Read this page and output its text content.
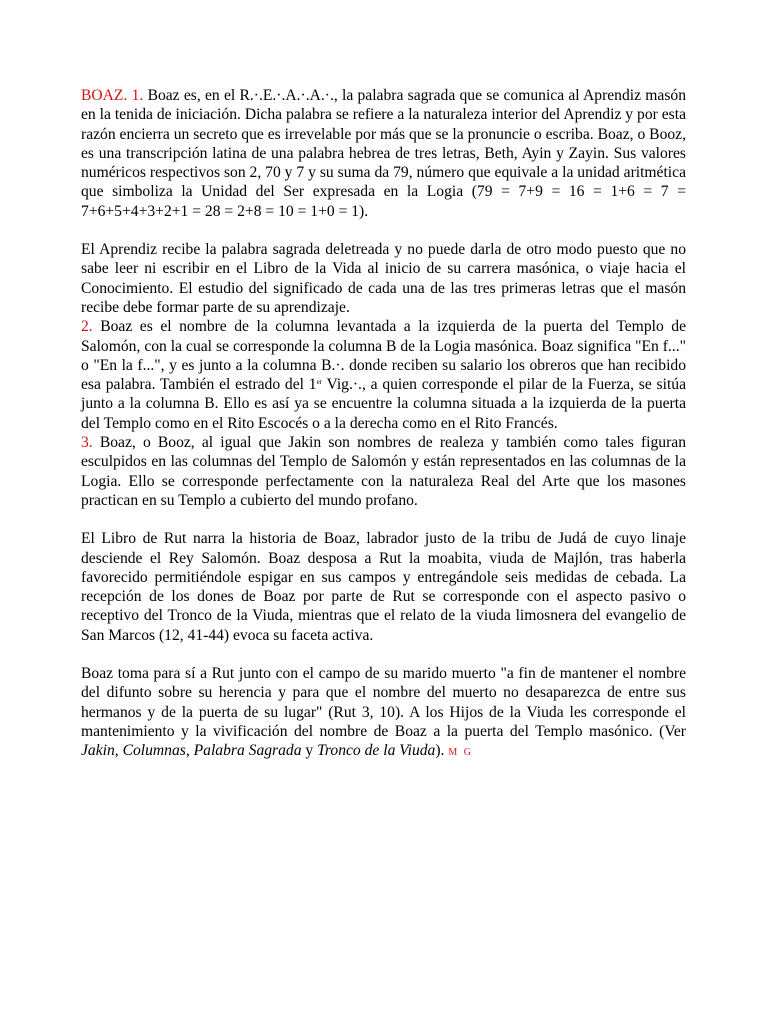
BOAZ. 1. Boaz es, en el R.·.E.·.A.·.A.·., la palabra sagrada que se comunica al Aprendiz masón en la tenida de iniciación. Dicha palabra se refiere a la naturaleza interior del Aprendiz y por esta razón encierra un secreto que es irrevelable por más que se la pronuncie o escriba. Boaz, o Booz, es una transcripción latina de una palabra hebrea de tres letras, Beth, Ayin y Zayin. Sus valores numéricos respectivos son 2, 70 y 7 y su suma da 79, número que equivale a la unidad aritmética que simboliza la Unidad del Ser expresada en la Logia (79 = 7+9 = 16 = 1+6 = 7 = 7+6+5+4+3+2+1 = 28 = 2+8 = 10 = 1+0 = 1).

El Aprendiz recibe la palabra sagrada deletreada y no puede darla de otro modo puesto que no sabe leer ni escribir en el Libro de la Vida al inicio de su carrera masónica, o viaje hacia el Conocimiento. El estudio del significado de cada una de las tres primeras letras que el masón recibe debe formar parte de su aprendizaje.

2. Boaz es el nombre de la columna levantada a la izquierda de la puerta del Templo de Salomón, con la cual se corresponde la columna B de la Logia masónica. Boaz significa "En f..." o "En la f...", y es junto a la columna B.·. donde reciben su salario los obreros que han recibido esa palabra. También el estrado del 1er Vig.·., a quien corresponde el pilar de la Fuerza, se sitúa junto a la columna B. Ello es así ya se encuentre la columna situada a la izquierda de la puerta del Templo como en el Rito Escocés o a la derecha como en el Rito Francés.

3. Boaz, o Booz, al igual que Jakin son nombres de realeza y también como tales figuran esculpidos en las columnas del Templo de Salomón y están representados en las columnas de la Logia. Ello se corresponde perfectamente con la naturaleza Real del Arte que los masones practican en su Templo a cubierto del mundo profano.

El Libro de Rut narra la historia de Boaz, labrador justo de la tribu de Judá de cuyo linaje desciende el Rey Salomón. Boaz desposa a Rut la moabita, viuda de Majlón, tras haberla favorecido permitiéndole espigar en sus campos y entregándole seis medidas de cebada. La recepción de los dones de Boaz por parte de Rut se corresponde con el aspecto pasivo o receptivo del Tronco de la Viuda, mientras que el relato de la viuda limosnera del evangelio de San Marcos (12, 41-44) evoca su faceta activa.

Boaz toma para sí a Rut junto con el campo de su marido muerto "a fin de mantener el nombre del difunto sobre su herencia y para que el nombre del muerto no desaparezca de entre sus hermanos y de la puerta de su lugar" (Rut 3, 10). A los Hijos de la Viuda les corresponde el mantenimiento y la vivificación del nombre de Boaz a la puerta del Templo masónico. (Ver Jakin, Columnas, Palabra Sagrada y Tronco de la Viuda). M G
